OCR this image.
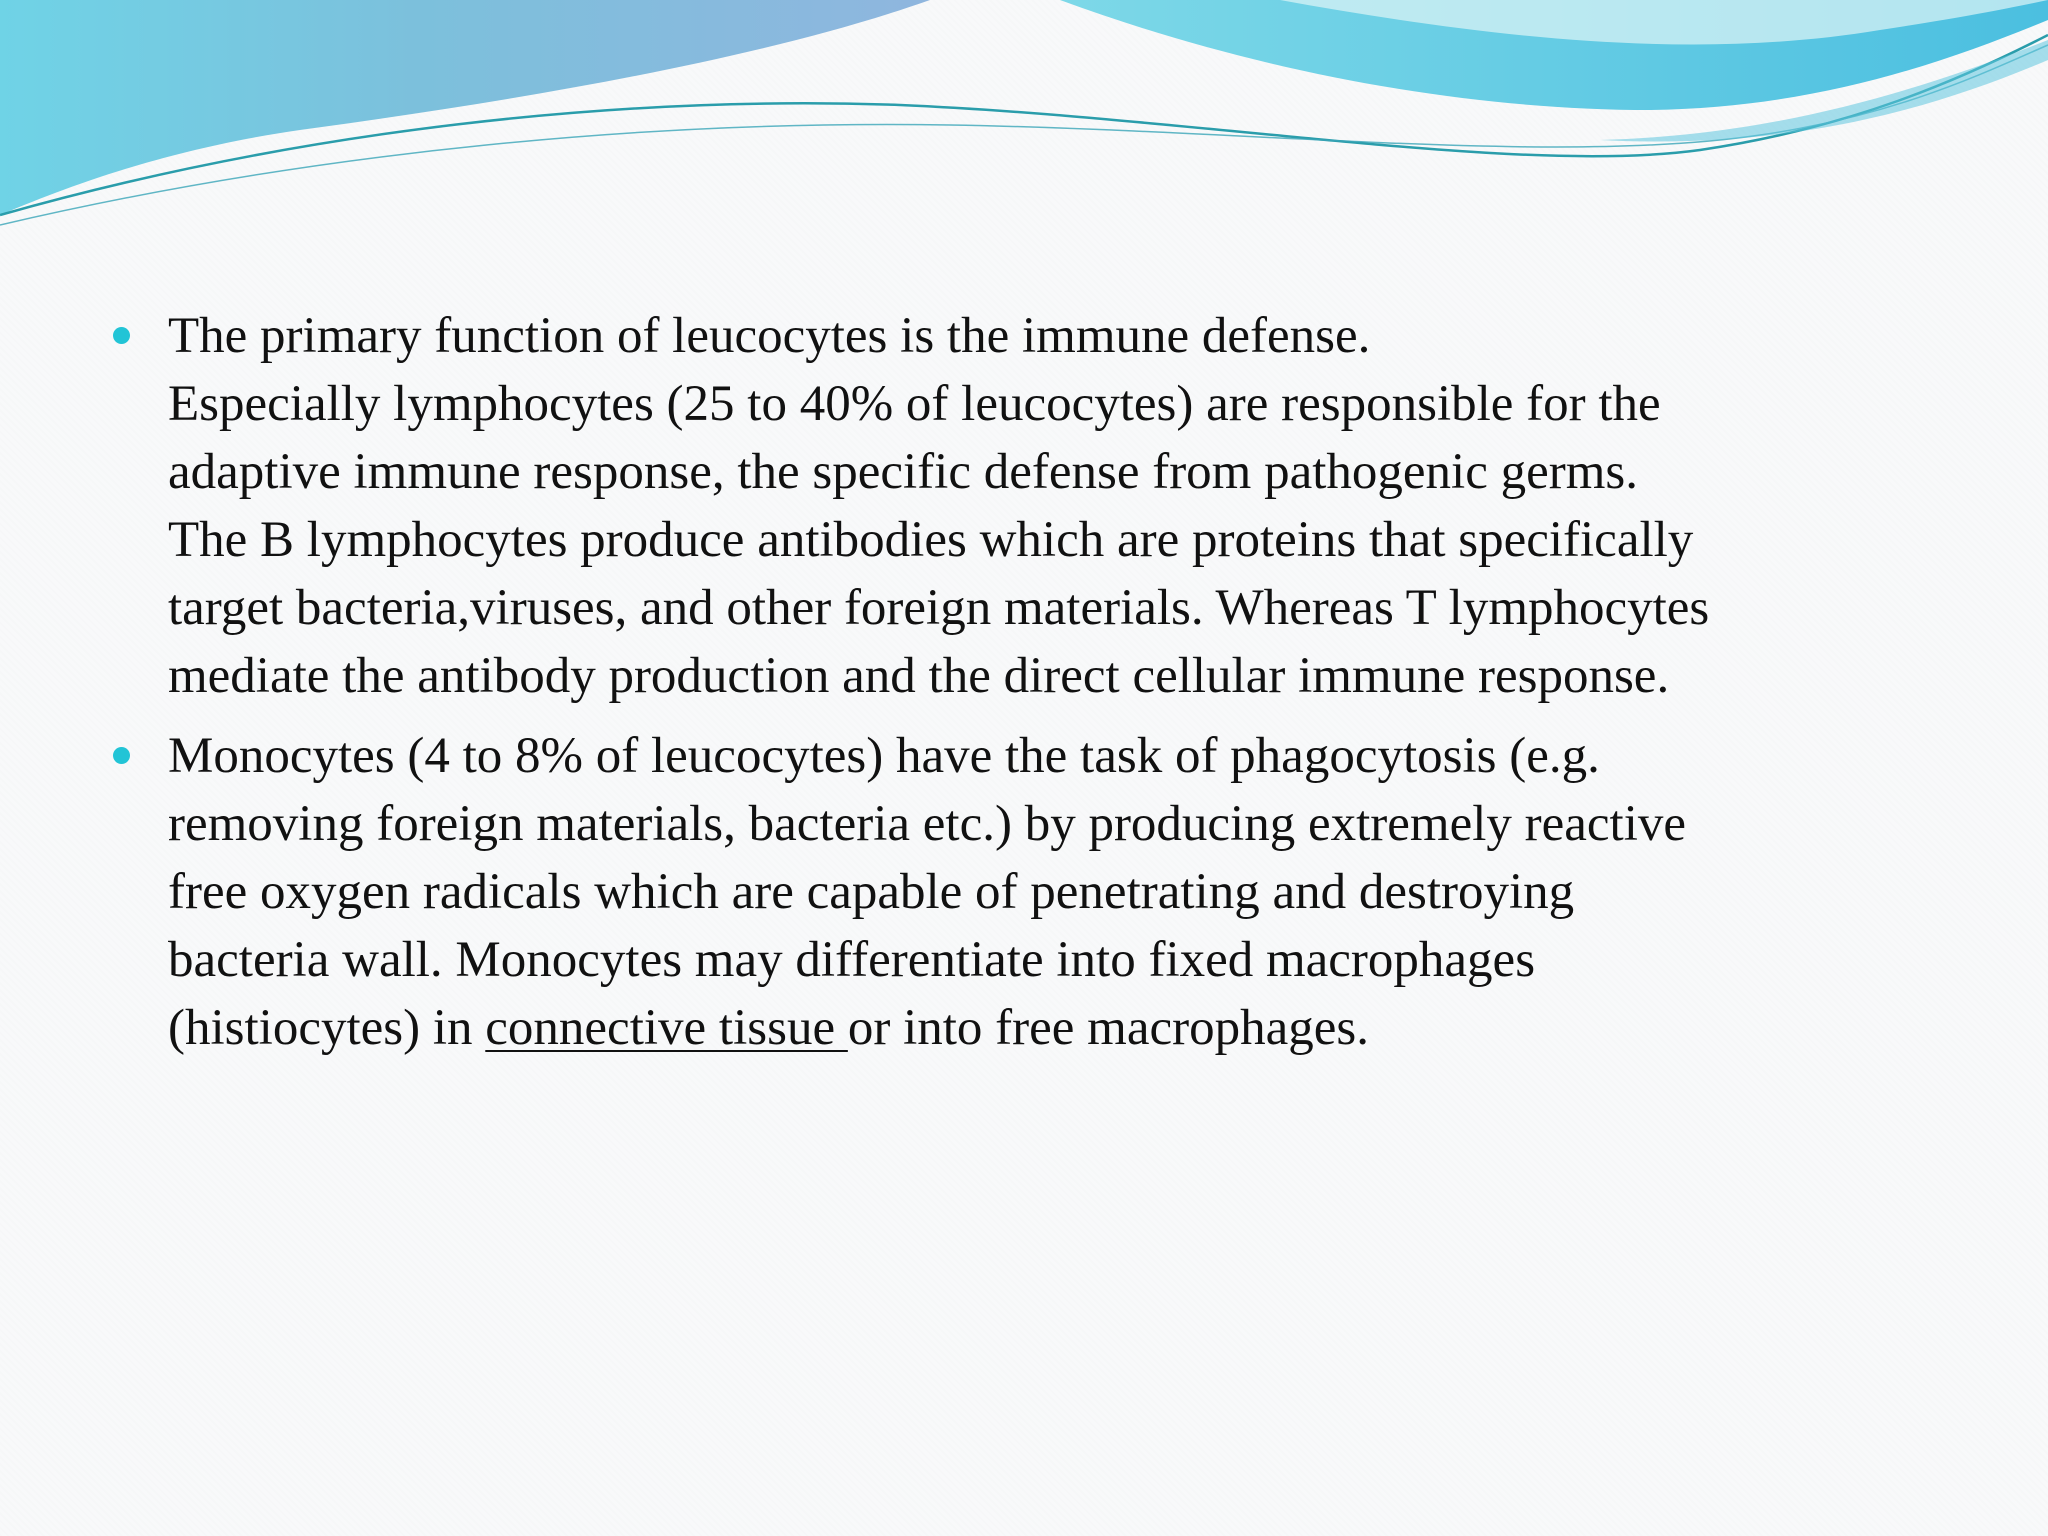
The primary function of leucocytes is the immune defense.
Especially lymphocytes (25 to 40% of leucocytes) are responsible for the
adaptive immune response, the specific defense from pathogenic germs.
The B lymphocytes produce antibodies which are proteins that specifically
target bacteria,viruses, and other foreign materials. Whereas T lymphocytes
mediate the antibody production and the direct cellular immune response.
Monocytes (4 to 8% of leucocytes) have the task of phagocytosis (e.g.
removing foreign materials, bacteria etc.) by producing extremely reactive
free oxygen radicals which are capable of penetrating and destroying
bacteria wall. Monocytes may differentiate into fixed macrophages
(histiocytes) in connective tissue or into free macrophages.
